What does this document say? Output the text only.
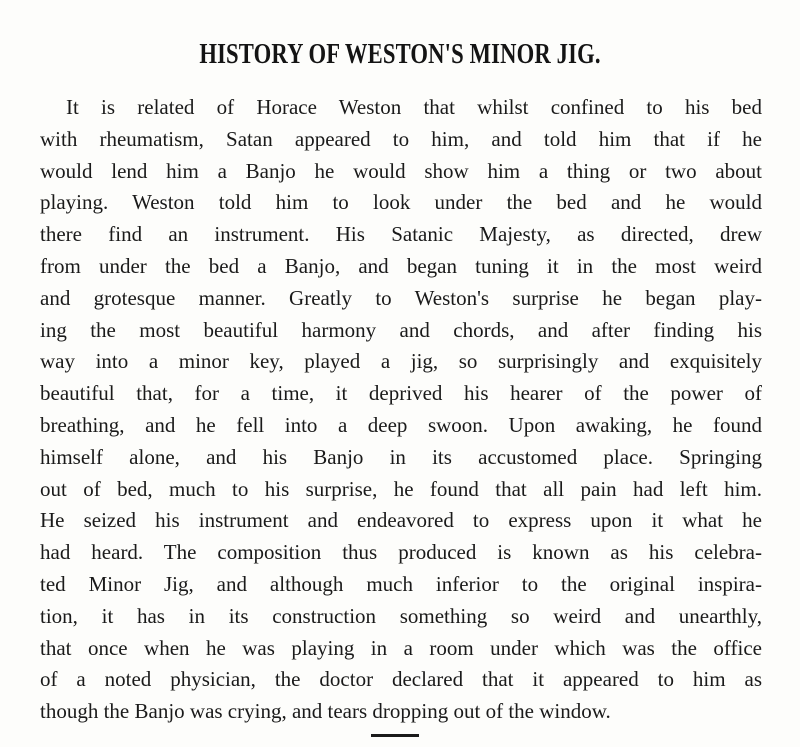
HISTORY OF WESTON'S MINOR JIG.
It is related of Horace Weston that whilst confined to his bed
with rheumatism, Satan appeared to him, and told him that if he
would lend him a Banjo he would show him a thing or two about
playing. Weston told him to look under the bed and he would
there find an instrument. His Satanic Majesty, as directed, drew
from under the bed a Banjo, and began tuning it in the most weird
and grotesque manner. Greatly to Weston's surprise he began play-
ing the most beautiful harmony and chords, and after finding his
way into a minor key, played a jig, so surprisingly and exquisitely
beautiful that, for a time, it deprived his hearer of the power of
breathing, and he fell into a deep swoon. Upon awaking, he found
himself alone, and his Banjo in its accustomed place. Springing
out of bed, much to his surprise, he found that all pain had left him.
He seized his instrument and endeavored to express upon it what he
had heard. The composition thus produced is known as his celebra-
ted Minor Jig, and although much inferior to the original inspira-
tion, it has in its construction something so weird and unearthly,
that once when he was playing in a room under which was the office
of a noted physician, the doctor declared that it appeared to him as
though the Banjo was crying, and tears dropping out of the window.
